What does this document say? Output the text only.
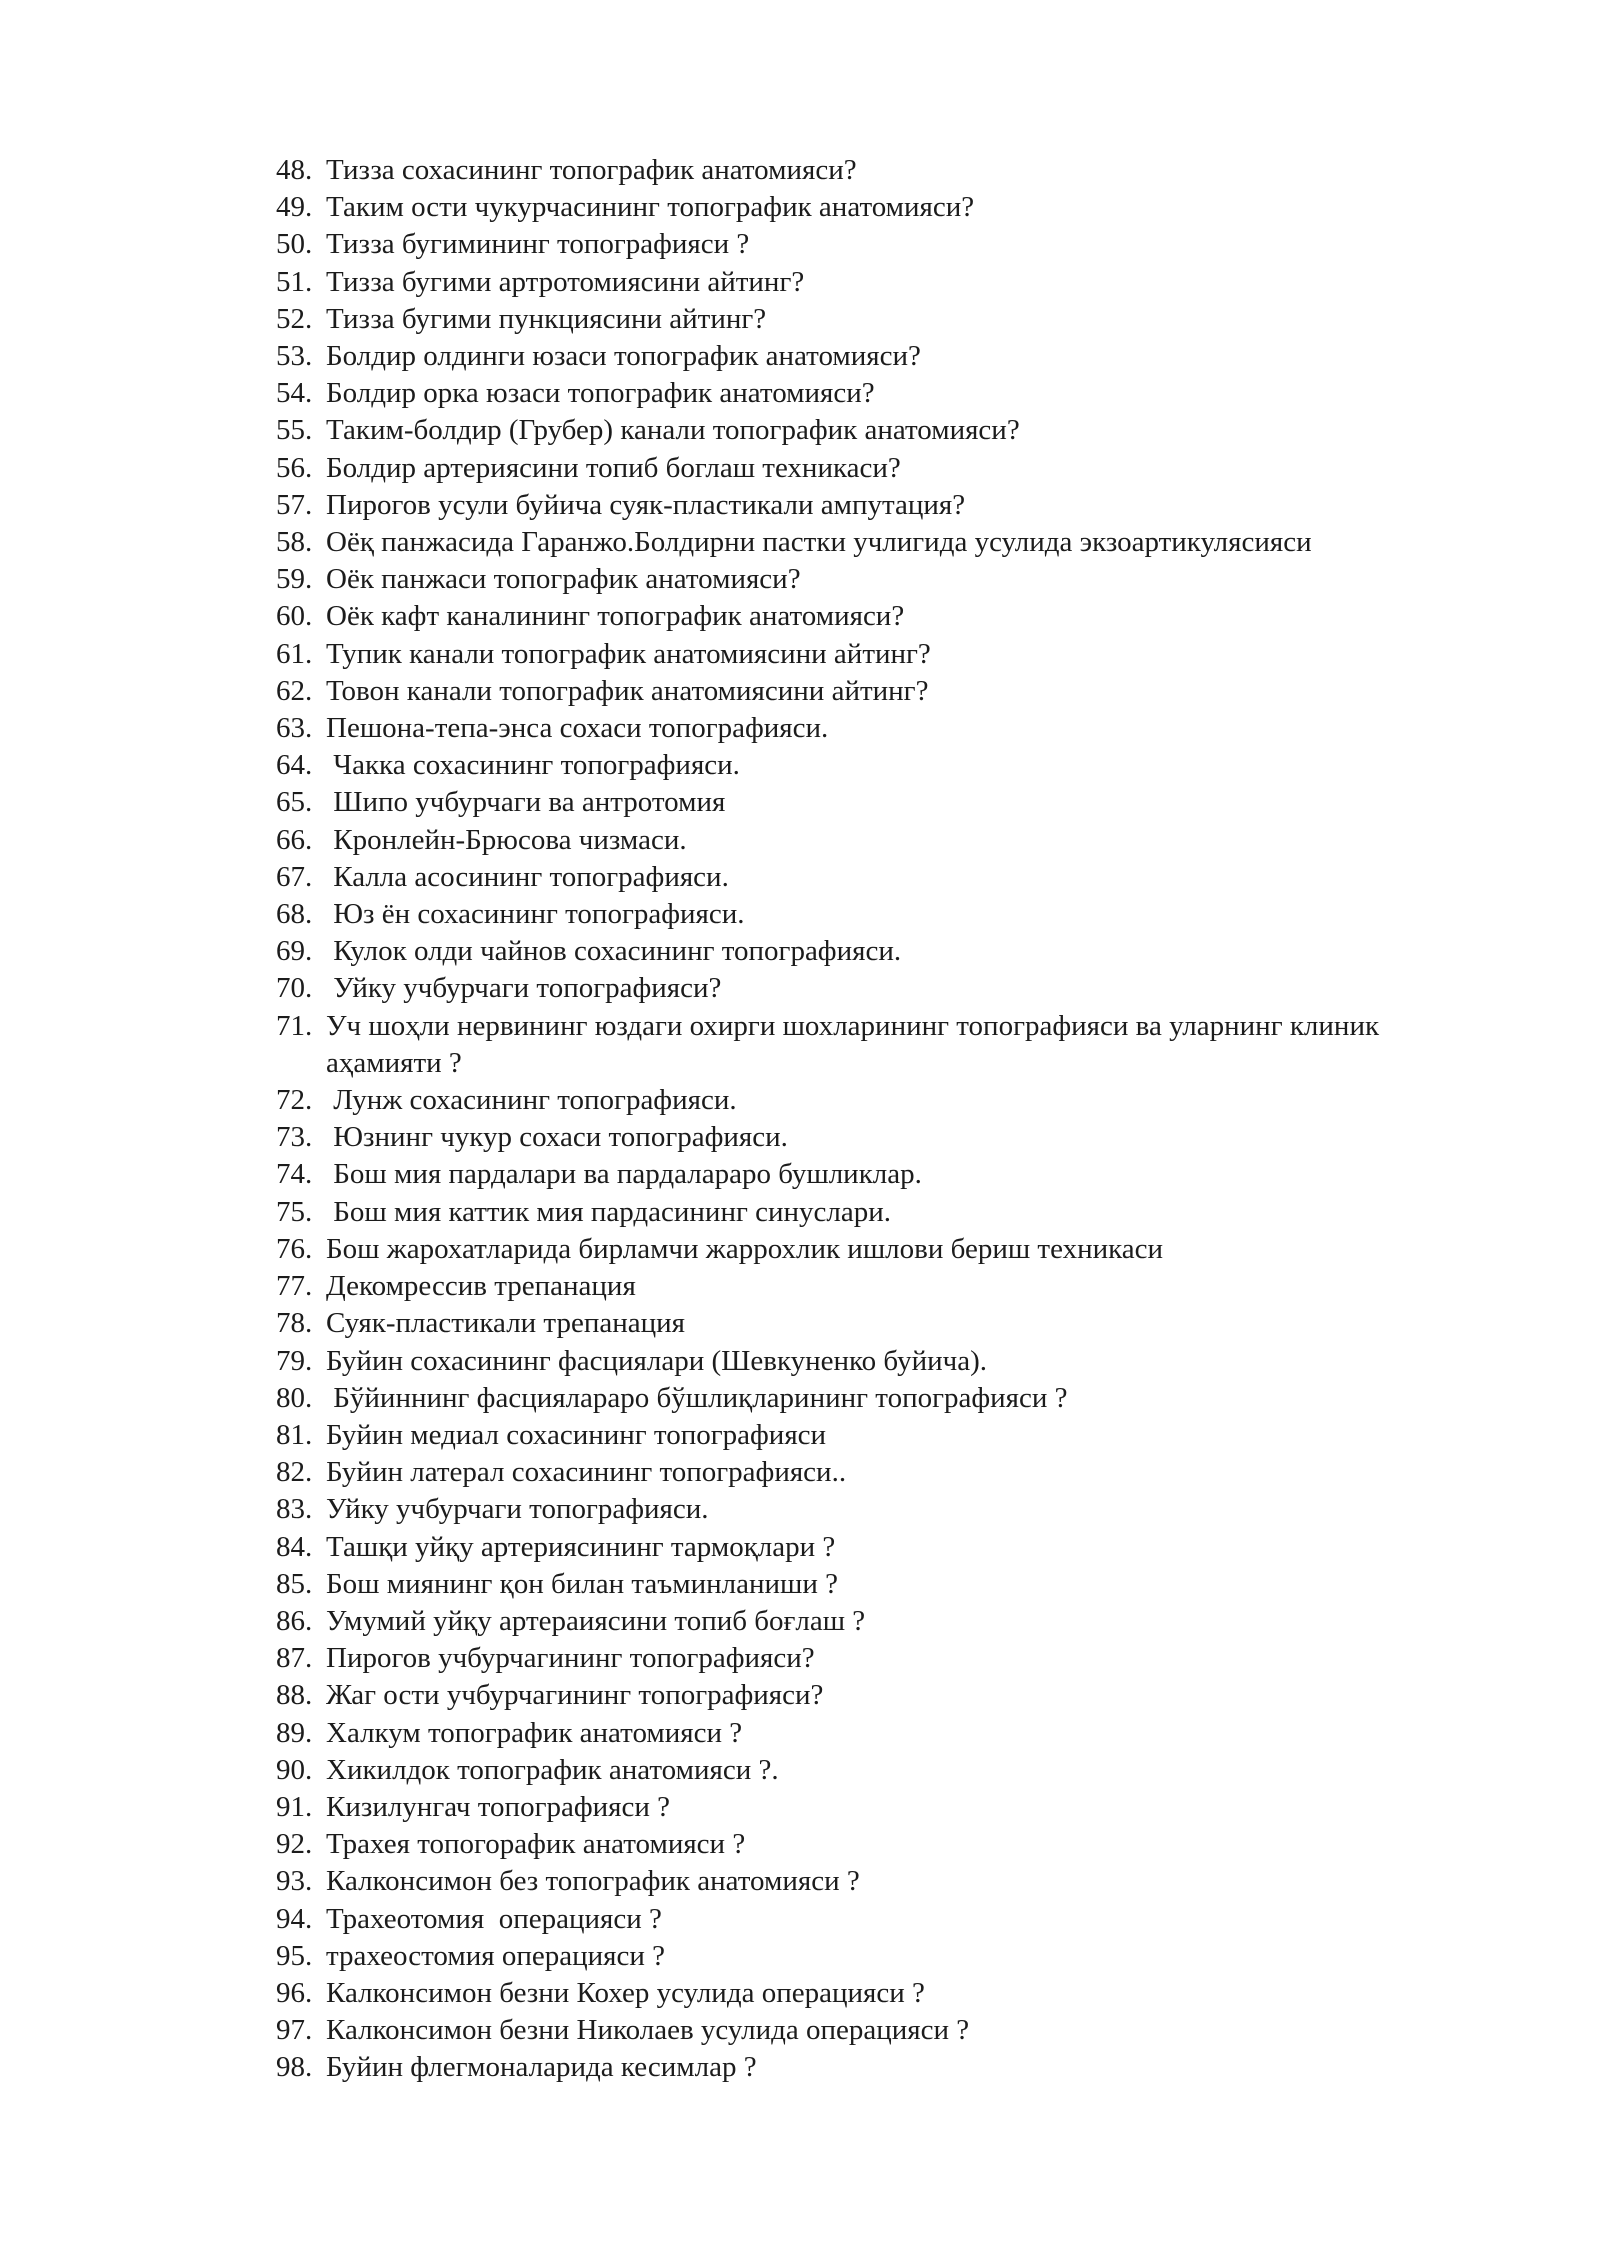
48. Тизза сохасининг топографик анатомияси?
49. Таким ости чукурчасининг топографик анатомияси?
50. Тизза бугимининг топографияси ?
51. Тизза бугими артротомиясини айтинг?
52. Тизза бугими пункциясини айтинг?
53. Болдир олдинги юзаси топографик анатомияси?
54. Болдир орка юзаси топографик анатомияси?
55. Таким-болдир (Грубер) канали топографик анатомияси?
56. Болдир артериясини топиб боглаш техникаси?
57. Пирогов усули буйича суяк-пластикали ампутация?
58. Оёқ панжасида Гаранжо.Болдирни пастки учлигида усулида экзоартикулясияси
59. Оёк панжаси топографик анатомияси?
60. Оёк кафт каналининг топографик анатомияси?
61. Тупик канали топографик анатомиясини айтинг?
62. Товон канали топографик анатомиясини айтинг?
63. Пешона-тепа-энса сохаси топографияси.
64. Чакка сохасининг топографияси.
65. Шипо учбурчаги ва антротомия
66. Кронлейн-Брюсова чизмаси.
67. Калла асосининг топографияси.
68. Юз ён сохасининг топографияси.
69. Кулок олди чайнов сохасининг топографияси.
70. Уйку учбурчаги топографияси?
71. Уч шоҳли нервининг юздаги охирги шохларининг топографияси ва уларнинг клиник аҳамияти ?
72. Лунж сохасининг топографияси.
73. Юзнинг чукур сохаси топографияси.
74. Бош мия пардалари ва пардалараро бушликлар.
75. Бош мия каттик мия пардасининг синуслари.
76. Бош жарохатларида бирламчи жаррохлик ишлови бериш техникаси
77. Декомрессив трепанация
78. Суяк-пластикали трепанация
79. Буйин сохасининг фасциялари (Шевкуненко буйича).
80. Бўйиннинг фасциялараро бўшлиқларининг топографияси ?
81. Буйин медиал сохасининг топографияси
82. Буйин латерал сохасининг топографияси..
83. Уйку учбурчаги топографияси.
84. Ташқи уйқу артериясининг тармоқлари ?
85. Бош миянинг қон билан таъминланиши ?
86. Умумий уйқу артераиясини топиб боғлаш ?
87. Пирогов учбурчагининг топографияси?
88. Жаг ости учбурчагининг топографияси?
89. Халкум топографик анатомияси ?
90. Хикилдок топографик анатомияси ?.
91. Кизилунгач топографияси ?
92. Трахея топогорафик анатомияси ?
93. Калконсимон без топографик анатомияси ?
94. Трахеотомия  операцияси ?
95. трахеостомия операцияси ?
96. Калконсимон безни Кохер усулида операцияси ?
97. Калконсимон безни Николаев усулида операцияси ?
98. Буйин флегмоналарида кесимлар ?
